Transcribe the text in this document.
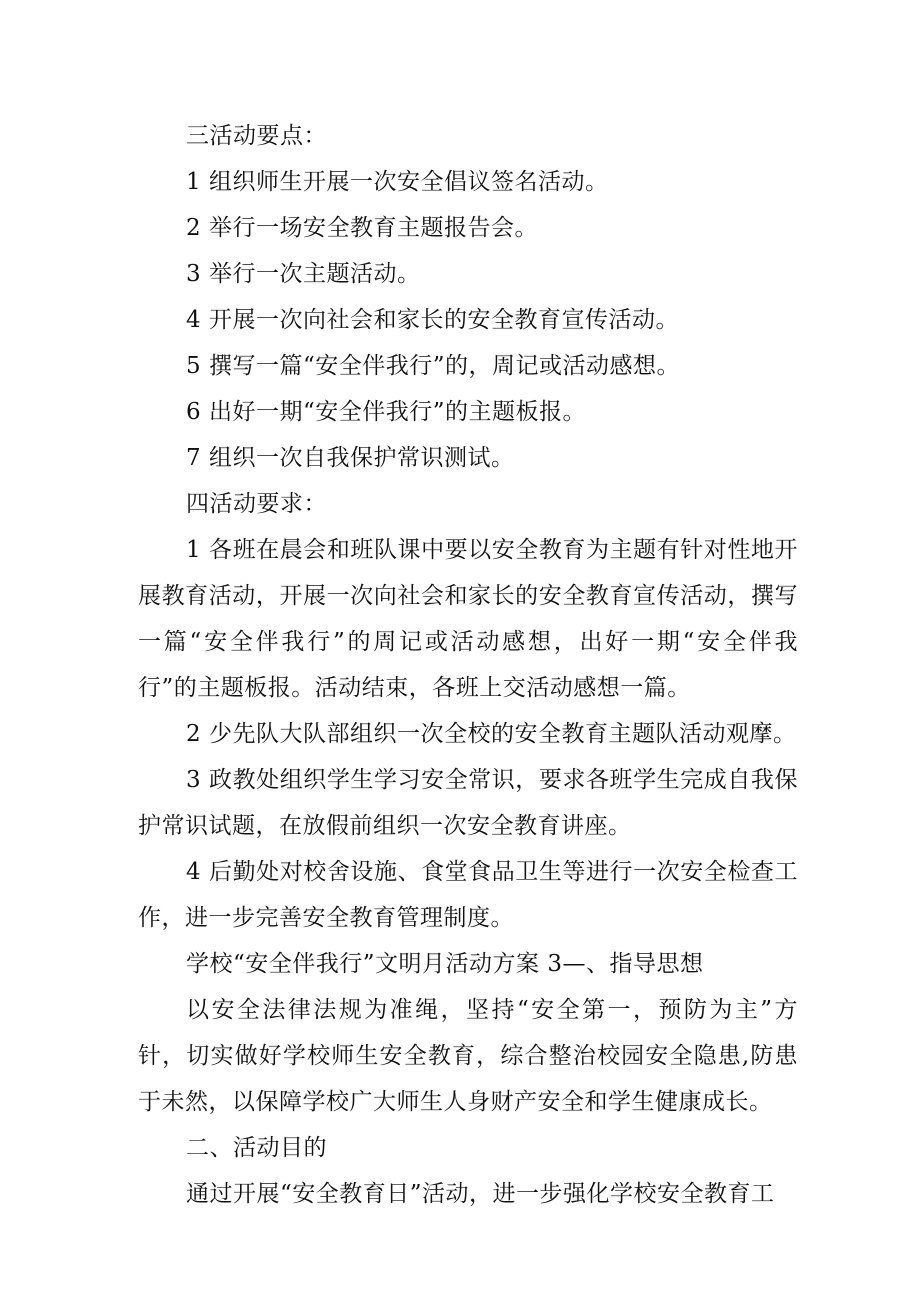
三活动要点：

1 组织师生开展一次安全倡议签名活动。

2 举行一场安全教育主题报告会。

3 举行一次主题活动。

4 开展一次向社会和家长的安全教育宣传活动。

5 撰写一篇“安全伴我行”的，周记或活动感想。

6 出好一期“安全伴我行”的主题板报。

7 组织一次自我保护常识测试。

四活动要求：

1 各班在晨会和班队课中要以安全教育为主题有针对性地开展教育活动，开展一次向社会和家长的安全教育宣传活动，撰写一篇“安全伴我行”的周记或活动感想，出好一期“安全伴我行”的主题板报。活动结束，各班上交活动感想一篇。

2 少先队大队部组织一次全校的安全教育主题队活动观摩。

3 政教处组织学生学习安全常识，要求各班学生完成自我保护常识试题，在放假前组织一次安全教育讲座。

4 后勤处对校舍设施、食堂食品卫生等进行一次安全检查工作，进一步完善安全教育管理制度。

学校“安全伴我行”文明月活动方案 3—、指导思想

以安全法律法规为准绳，坚持“安全第一，预防为主”方针，切实做好学校师生安全教育，综合整治校园安全隐患,防患于未然，以保障学校广大师生人身财产安全和学生健康成长。

二、活动目的

通过开展“安全教育日”活动，进一步强化学校安全教育工
